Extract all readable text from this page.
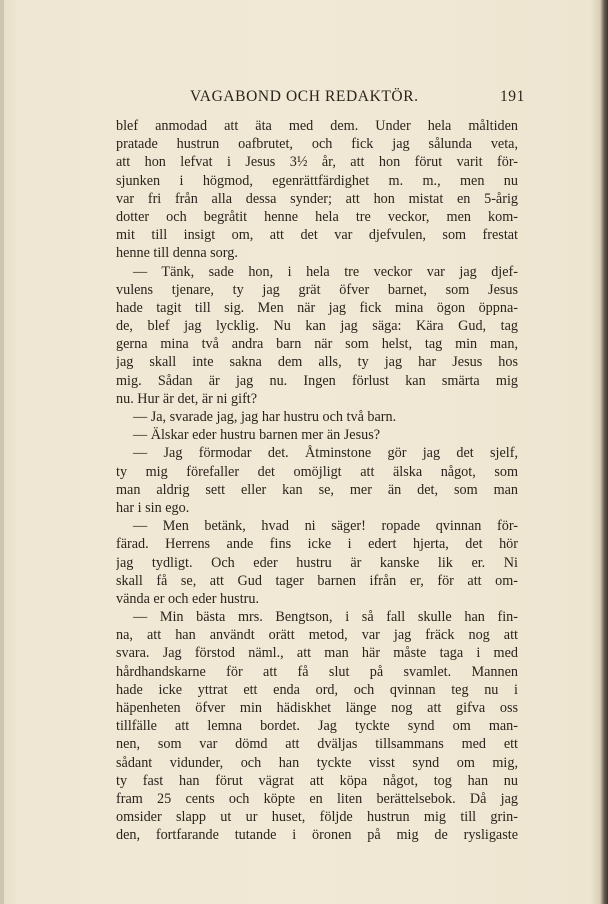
VAGABOND OCH REDAKTÖR.	191
blef anmodad att äta med dem. Under hela måltiden
pratade hustrun oafbrutet, och fick jag sålunda veta,
att hon lefvat i Jesus 3½ år, att hon förut varit för-
sjunken i högmod, egenrättfärdighet m. m., men nu
var fri från alla dessa synder; att hon mistat en 5-årig
dotter och begråtit henne hela tre veckor, men kom-
mit till insigt om, att det var djefvulen, som frestat
henne till denna sorg.
— Tänk, sade hon, i hela tre veckor var jag djef-
vulens tjenare, ty jag grät öfver barnet, som Jesus
hade tagit till sig. Men när jag fick mina ögon öppna-
de, blef jag lycklig. Nu kan jag säga: Kära Gud, tag
gerna mina två andra barn när som helst, tag min man,
jag skall inte sakna dem alls, ty jag har Jesus hos
mig. Sådan är jag nu. Ingen förlust kan smärta mig
nu. Hur är det, är ni gift?
— Ja, svarade jag, jag har hustru och två barn.
— Älskar eder hustru barnen mer än Jesus?
— Jag förmodar det. Åtminstone gör jag det sjelf,
ty mig förefaller det omöjligt att älska något, som
man aldrig sett eller kan se, mer än det, som man
har i sin ego.
— Men betänk, hvad ni säger! ropade qvinnan för-
färad. Herrens ande fins icke i edert hjerta, det hör
jag tydligt. Och eder hustru är kanske lik er. Ni
skall få se, att Gud tager barnen ifrån er, för att om-
vända er och eder hustru.
— Min bästa mrs. Bengtson, i så fall skulle han fin-
na, att han användt orätt metod, var jag fräck nog att
svara. Jag förstod näml., att man här måste taga i med
hårdhandskarne för att få slut på svamlet. Mannen
hade icke yttrat ett enda ord, och qvinnan teg nu i
häpenheten öfver min hädiskhet länge nog att gifva oss
tillfälle att lemna bordet. Jag tyckte synd om man-
nen, som var dömd att dväljas tillsammans med ett
sådant vidunder, och han tyckte visst synd om mig,
ty fast han förut vägrat att köpa något, tog han nu
fram 25 cents och köpte en liten berättelsebok. Då jag
omsider slapp ut ur huset, följde hustrun mig till grin-
den, fortfarande tutande i öronen på mig de rysligaste
